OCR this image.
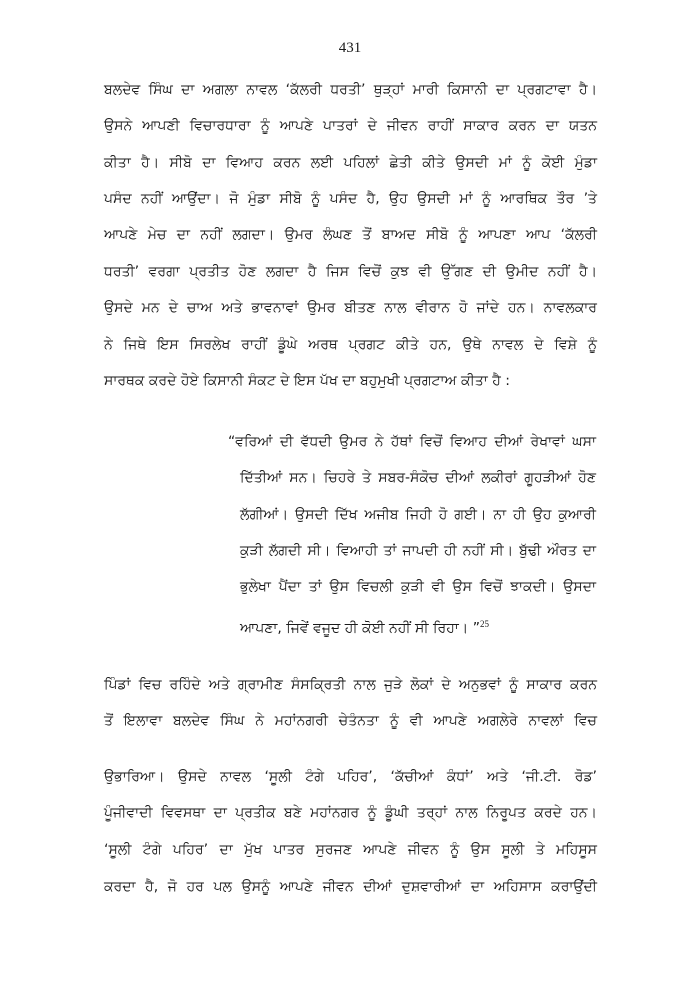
431
ਬਲਦੇਵ ਸਿੰਘ ਦਾ ਅਗਲਾ ਨਾਵਲ ‘ਕੱਲਰੀ ਧਰਤੀ’ ਥੁੜ੍ਹਾਂ ਮਾਰੀ ਕਿਸਾਨੀ ਦਾ ਪ੍ਰਗਟਾਵਾ ਹੈ।
ਉਸਨੇ ਆਪਣੀ ਵਿਚਾਰਧਾਰਾ ਨੂੰ ਆਪਣੇ ਪਾਤਰਾਂ ਦੇ ਜੀਵਨ ਰਾਹੀਂ ਸਾਕਾਰ ਕਰਨ ਦਾ ਯਤਨ
ਕੀਤਾ ਹੈ। ਸੀਬੋ ਦਾ ਵਿਆਹ ਕਰਨ ਲਈ ਪਹਿਲਾਂ ਛੇਤੀ ਕੀਤੇ ਉਸਦੀ ਮਾਂ ਨੂੰ ਕੋਈ ਮੁੰਡਾ
ਪਸੰਦ ਨਹੀਂ ਆਉਂਦਾ। ਜੋ ਮੁੰਡਾ ਸੀਬੋ ਨੂੰ ਪਸੰਦ ਹੈ, ਉਹ ਉਸਦੀ ਮਾਂ ਨੂੰ ਆਰਥਿਕ ਤੌਰ ’ਤੇ
ਆਪਣੇ ਮੇਚ ਦਾ ਨਹੀਂ ਲਗਦਾ। ਉਮਰ ਲੰਘਣ ਤੋਂ ਬਾਅਦ ਸੀਬੋ ਨੂੰ ਆਪਣਾ ਆਪ ‘ਕੱਲਰੀ
ਧਰਤੀ’ ਵਰਗਾ ਪ੍ਰਤੀਤ ਹੋਣ ਲਗਦਾ ਹੈ ਜਿਸ ਵਿਚੋਂ ਕੁਝ ਵੀ ਉੱਗਣ ਦੀ ਉਮੀਦ ਨਹੀਂ ਹੈ।
ਉਸਦੇ ਮਨ ਦੇ ਚਾਅ ਅਤੇ ਭਾਵਨਾਵਾਂ ਉਮਰ ਬੀਤਣ ਨਾਲ ਵੀਰਾਨ ਹੋ ਜਾਂਦੇ ਹਨ। ਨਾਵਲਕਾਰ
ਨੇ ਜਿਥੇ ਇਸ ਸਿਰਲੇਖ ਰਾਹੀਂ ਡੂੰਘੇ ਅਰਥ ਪ੍ਰਗਟ ਕੀਤੇ ਹਨ, ਉਥੇ ਨਾਵਲ ਦੇ ਵਿਸ਼ੇ ਨੂੰ
ਸਾਰਥਕ ਕਰਦੇ ਹੋਏ ਕਿਸਾਨੀ ਸੰਕਟ ਦੇ ਇਸ ਪੱਖ ਦਾ ਬਹੁਮੁਖੀ ਪ੍ਰਗਟਾਅ ਕੀਤਾ ਹੈ :
“ਵਰਿਆਂ ਦੀ ਵੱਧਦੀ ਉਮਰ ਨੇ ਹੱਥਾਂ ਵਿਚੋਂ ਵਿਆਹ ਦੀਆਂ ਰੇਖਾਵਾਂ ਘਸਾ
ਦਿੱਤੀਆਂ ਸਨ। ਚਿਹਰੇ ਤੇ ਸਬਰ-ਸੰਕੋਚ ਦੀਆਂ ਲਕੀਰਾਂ ਗੂਹੜੀਆਂ ਹੋਣ
ਲੱਗੀਆਂ। ਉਸਦੀ ਦਿੱਖ ਅਜੀਬ ਜਿਹੀ ਹੋ ਗਈ। ਨਾ ਹੀ ਉਹ ਕੁਆਰੀ
ਕੁੜੀ ਲੱਗਦੀ ਸੀ। ਵਿਆਹੀ ਤਾਂ ਜਾਪਦੀ ਹੀ ਨਹੀਂ ਸੀ। ਬੁੱਢੀ ਔਰਤ ਦਾ
ਭੁਲੇਖਾ ਪੈਂਦਾ ਤਾਂ ਉਸ ਵਿਚਲੀ ਕੁੜੀ ਵੀ ਉਸ ਵਿਚੋਂ ਝਾਕਦੀ। ਉਸਦਾ
ਆਪਣਾ, ਜਿਵੇਂ ਵਜੂਦ ਹੀ ਕੋਈ ਨਹੀਂ ਸੀ ਰਿਹਾ। ”$^{25}$
ਪਿੰਡਾਂ ਵਿਚ ਰਹਿੰਦੇ ਅਤੇ ਗ੍ਰਾਮੀਣ ਸੰਸਕ੍ਰਿਤੀ ਨਾਲ ਜੁੜੇ ਲੋਕਾਂ ਦੇ ਅਨੁਭਵਾਂ ਨੂੰ ਸਾਕਾਰ ਕਰਨ
ਤੋਂ ਇਲਾਵਾ ਬਲਦੇਵ ਸਿੰਘ ਨੇ ਮਹਾਂਨਗਰੀ ਚੇਤੰਨਤਾ ਨੂੰ ਵੀ ਆਪਣੇ ਅਗਲੇਰੇ ਨਾਵਲਾਂ ਵਿਚ
ਉਭਾਰਿਆ। ਉਸਦੇ ਨਾਵਲ ‘ਸੂਲੀ ਟੰਗੇ ਪਹਿਰ’, ‘ਕੱਚੀਆਂ ਕੰਧਾਂ’ ਅਤੇ ‘ਜੀ.ਟੀ. ਰੋਡ’
ਪੂੰਜੀਵਾਦੀ ਵਿਵਸਥਾ ਦਾ ਪ੍ਰਤੀਕ ਬਣੇ ਮਹਾਂਨਗਰ ਨੂੰ ਡੂੰਘੀ ਤਰ੍ਹਾਂ ਨਾਲ ਨਿਰੂਪਤ ਕਰਦੇ ਹਨ।
‘ਸੂਲੀ ਟੰਗੇ ਪਹਿਰ’ ਦਾ ਮੁੱਖ ਪਾਤਰ ਸੁਰਜਣ ਆਪਣੇ ਜੀਵਨ ਨੂੰ ਉਸ ਸੂਲੀ ਤੇ ਮਹਿਸੂਸ
ਕਰਦਾ ਹੈ, ਜੋ ਹਰ ਪਲ ਉਸਨੂੰ ਆਪਣੇ ਜੀਵਨ ਦੀਆਂ ਦੁਸ਼ਵਾਰੀਆਂ ਦਾ ਅਹਿਸਾਸ ਕਰਾਉਂਦੀ
